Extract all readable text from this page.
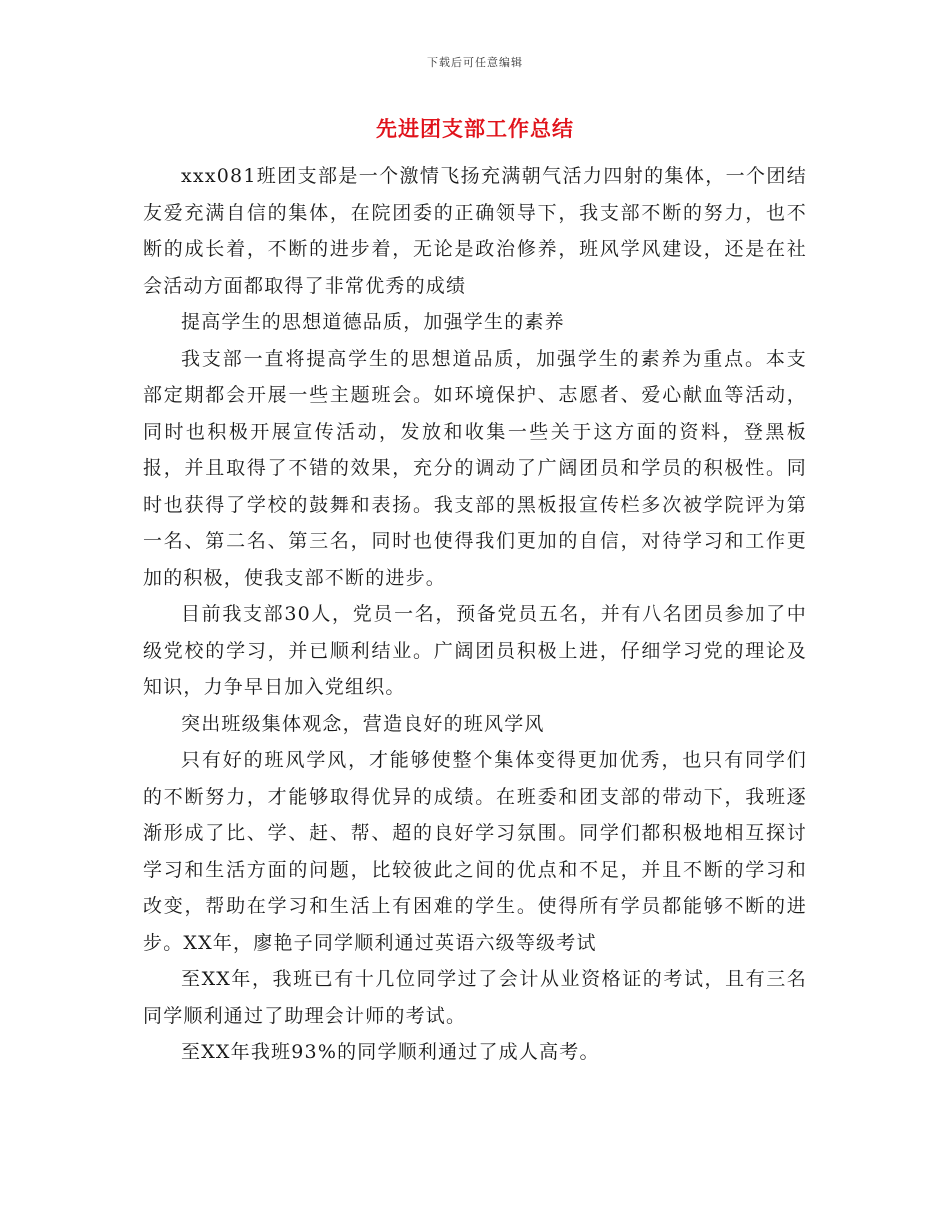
下载后可任意编辑
先进团支部工作总结

xxx081班团支部是一个激情飞扬充满朝气活力四射的集体，一个团结友爱充满自信的集体，在院团委的正确领导下，我支部不断的努力，也不断的成长着，不断的进步着，无论是政治修养，班风学风建设，还是在社会活动方面都取得了非常优秀的成绩

提高学生的思想道德品质，加强学生的素养

我支部一直将提高学生的思想道品质，加强学生的素养为重点。本支部定期都会开展一些主题班会。如环境保护、志愿者、爱心献血等活动，同时也积极开展宣传活动，发放和收集一些关于这方面的资料，登黑板报，并且取得了不错的效果，充分的调动了广阔团员和学员的积极性。同时也获得了学校的鼓舞和表扬。我支部的黑板报宣传栏多次被学院评为第一名、第二名、第三名，同时也使得我们更加的自信，对待学习和工作更加的积极，使我支部不断的进步。

目前我支部30人，党员一名，预备党员五名，并有八名团员参加了中级党校的学习，并已顺利结业。广阔团员积极上进，仔细学习党的理论及知识，力争早日加入党组织。

突出班级集体观念，营造良好的班风学风

只有好的班风学风，才能够使整个集体变得更加优秀，也只有同学们的不断努力，才能够取得优异的成绩。在班委和团支部的带动下，我班逐渐形成了比、学、赶、帮、超的良好学习氛围。同学们都积极地相互探讨学习和生活方面的问题，比较彼此之间的优点和不足，并且不断的学习和改变，帮助在学习和生活上有困难的学生。使得所有学员都能够不断的进步。XX年，廖艳子同学顺利通过英语六级等级考试

至XX年，我班已有十几位同学过了会计从业资格证的考试，且有三名同学顺利通过了助理会计师的考试。

至XX年我班93%的同学顺利通过了成人高考。
